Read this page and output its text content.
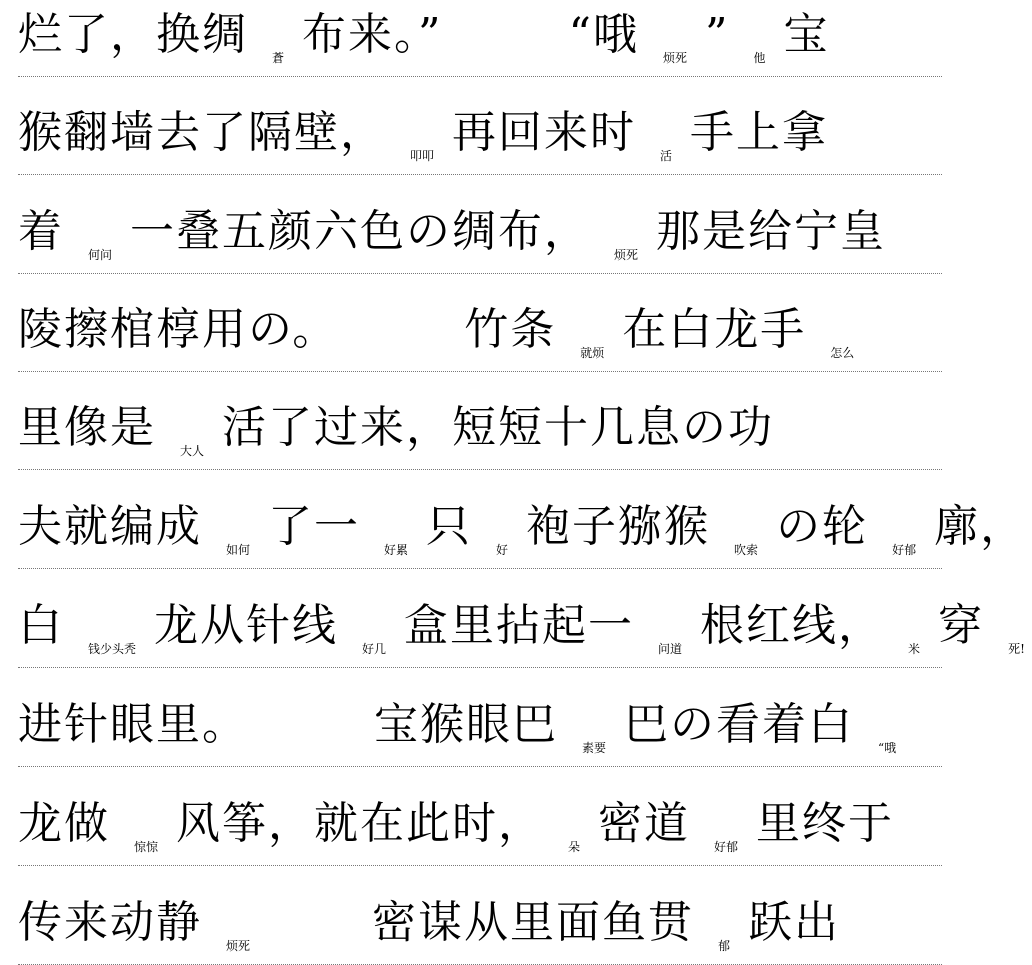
烂了，换绸 蒼 布来。”	“哦 烦死 ” 他 宝
猴翻墙去了隔壁， 叩叩 再回来时 活 手上拿
着 何问 一叠五颜六色の绸布， 烦死 那是给宁皇
陵擦棺椁用の。	竹条 就烦 在白龙手 怎么
里像是 大人 活了过来，短短十几息の功
夫就编成 如何 了一 好累 只 好 袍子猕猴 吹索 の轮 好郁 廓，
白 钱少头秃 龙从针线 好几 盒里拈起一 问道 根红线， 米 穿 死!
进针眼里。	宝猴眼巴 素要 巴の看着白 “哦
龙做 惊惊 风筝，就在此时， 朵 密道 好郁 里终于
传来动静 烦死	密谋从里面鱼贯 郁 跃出
